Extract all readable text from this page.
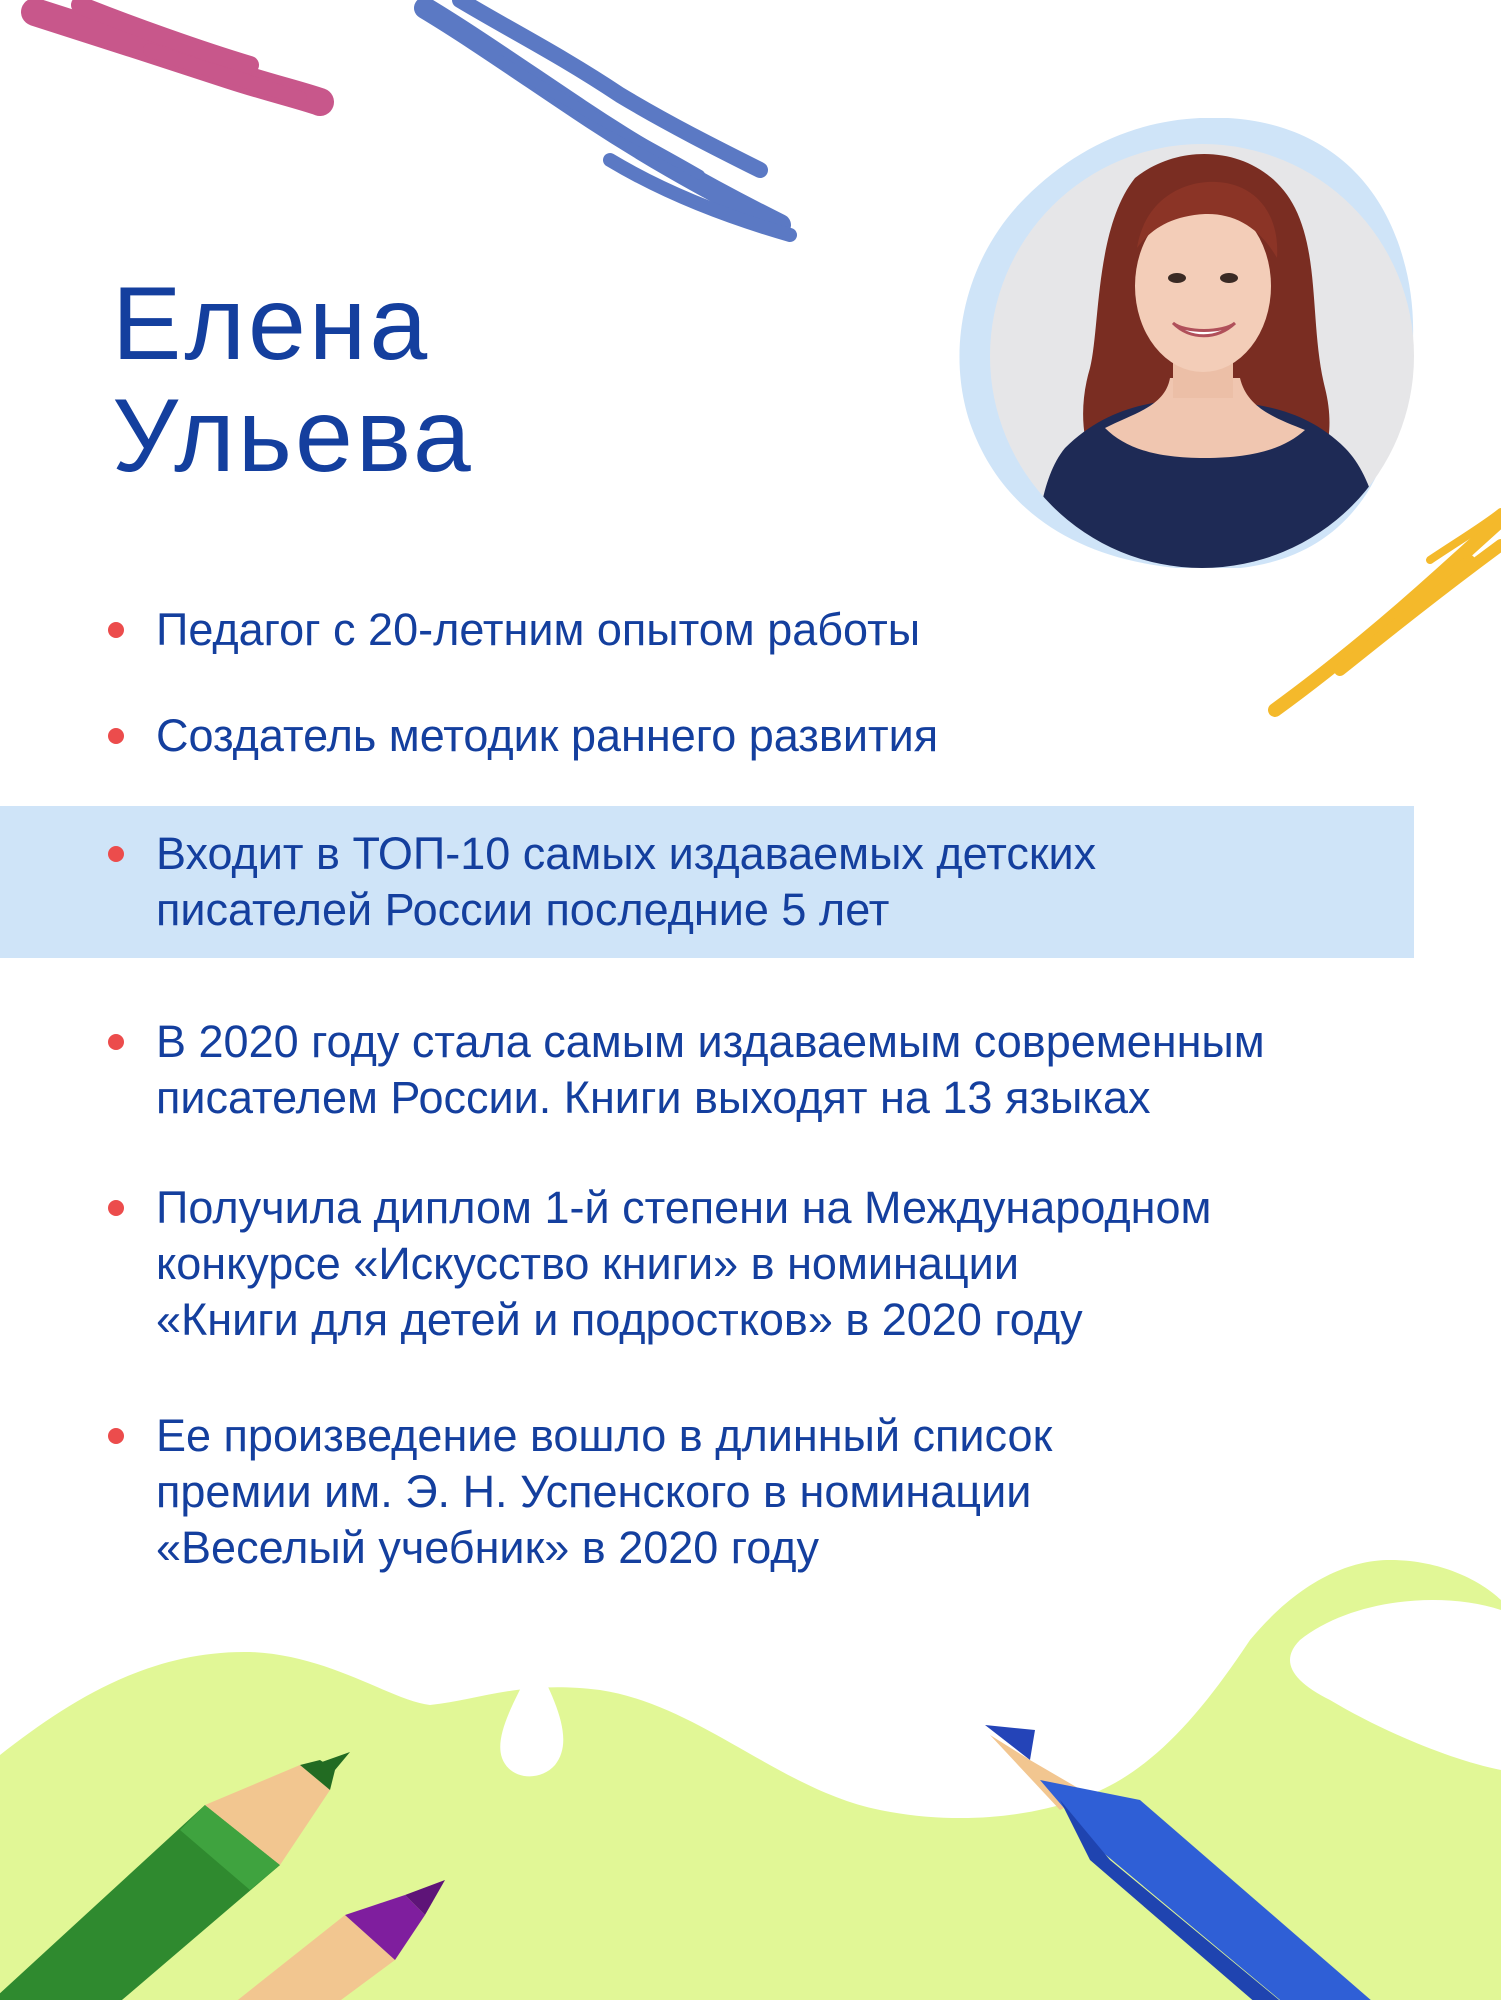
Елена
Ульева
Педагог с 20-летним опытом работы
Создатель методик раннего развития
Входит в ТОП-10 самых издаваемых детских
писателей России последние 5 лет
В 2020 году стала самым издаваемым современным
писателем России. Книги выходят на 13 языках
Получила диплом 1-й степени на Международном
конкурсе «Искусство книги» в номинации
«Книги для детей и подростков» в 2020 году
Ее произведение вошло в длинный список
премии им. Э. Н. Успенского в номинации
«Веселый учебник» в 2020 году
